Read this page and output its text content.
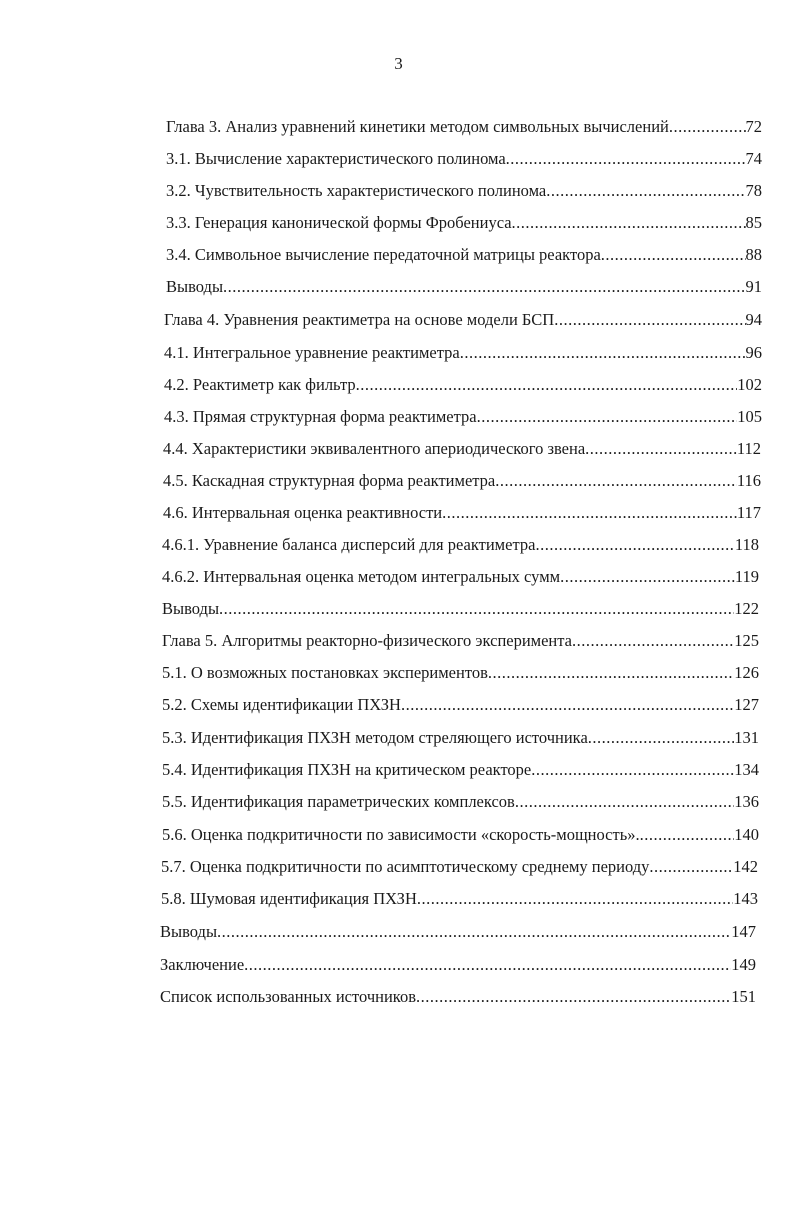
3
Глава 3. Анализ уравнений кинетики методом символьных вычислений .....	72
3.1. Вычисление характеристического полинома .....	74
3.2. Чувствительность характеристического полинома .....	78
3.3. Генерация канонической формы Фробениуса .....	85
3.4. Символьное вычисление передаточной матрицы реактора .....	88
Выводы .....	91
Глава 4. Уравнения реактиметра на основе модели БСП .....	94
4.1. Интегральное уравнение реактиметра .....	96
4.2. Реактиметр как фильтр .....	102
4.3. Прямая структурная форма реактиметра .....	105
4.4. Характеристики эквивалентного апериодического звена .....	112
4.5. Каскадная структурная форма реактиметра .....	116
4.6. Интервальная оценка реактивности .....	117
4.6.1. Уравнение баланса дисперсий для реактиметра .....	118
4.6.2. Интервальная оценка методом интегральных сумм .....	119
Выводы .....	122
Глава 5. Алгоритмы реакторно-физического эксперимента .....	125
5.1. О возможных постановках экспериментов .....	126
5.2. Схемы идентификации ПХЗН .....	127
5.3. Идентификация ПХЗН методом стреляющего источника .....	131
5.4. Идентификация ПХЗН на критическом реакторе .....	134
5.5. Идентификация параметрических комплексов .....	136
5.6. Оценка подкритичности по зависимости «скорость-мощность». .....	140
5.7. Оценка подкритичности по асимптотическому среднему периоду .....	142
5.8. Шумовая идентификация ПХЗН .....	143
Выводы .....	147
Заключение .....	149
Список использованных источников .....	151
